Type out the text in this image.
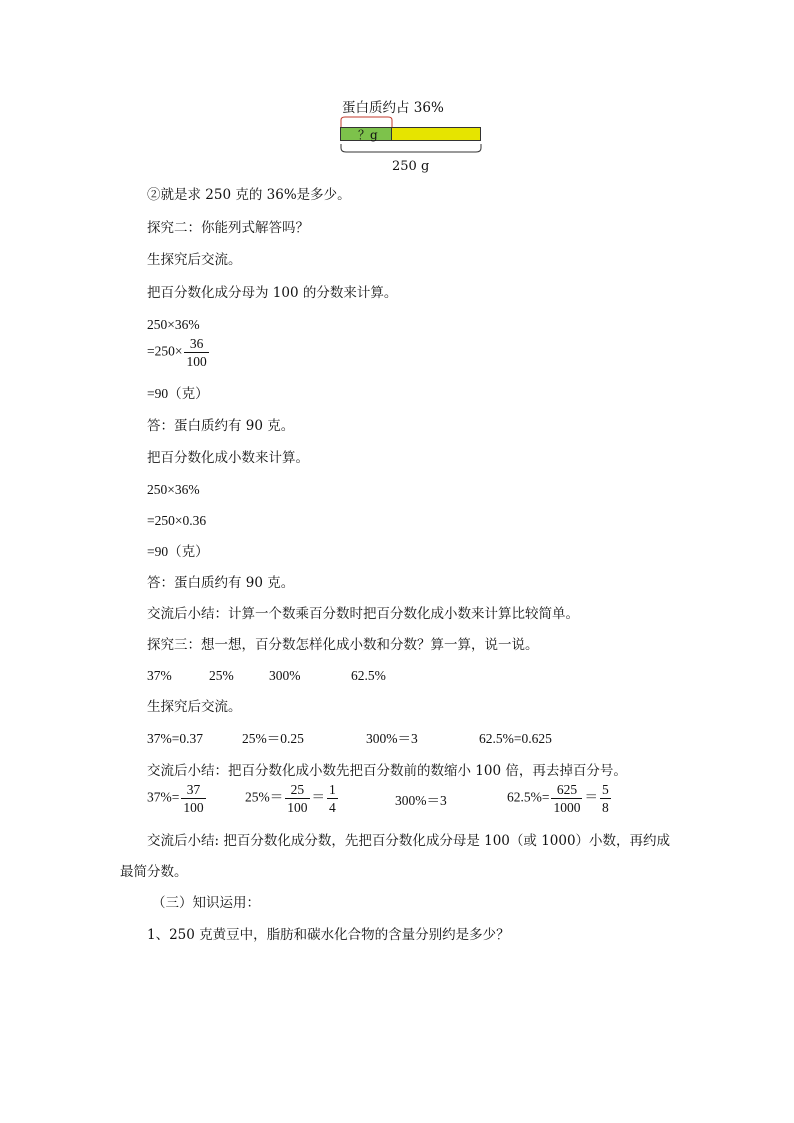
蛋白质约占 36%
？g
250 g
②就是求 250 克的 36%是多少。
探究二：你能列式解答吗？
生探究后交流。
把百分数化成分母为 100 的分数来计算。
250×36%
$=250\times \frac{36}{100}$
=90（克）
答：蛋白质约有 90 克。
把百分数化成小数来计算。
250×36%
=250×0.36
=90（克）
答：蛋白质约有 90 克。
交流后小结：计算一个数乘百分数时把百分数化成小数来计算比较简单。
探究三：想一想，百分数怎样化成小数和分数？算一算，说一说。
37%	25%	300%	62.5%
生探究后交流。
37%=0.37	25%＝0.25	300%＝3	62.5%=0.625
交流后小结：把百分数化成小数先把百分数前的数缩小 100 倍，再去掉百分号。
$37\%= \frac{37}{100}$	$25\%= \frac{25}{100} = \frac{1}{4}$	300%＝3	$62.5\%= \frac{625}{1000} = \frac{5}{8}$
交流后小结: 把百分数化成分数，先把百分数化成分母是 100（或 1000）小数，再约成
最简分数。
（三）知识运用：
1、250 克黄豆中，脂肪和碳水化合物的含量分别约是多少？
